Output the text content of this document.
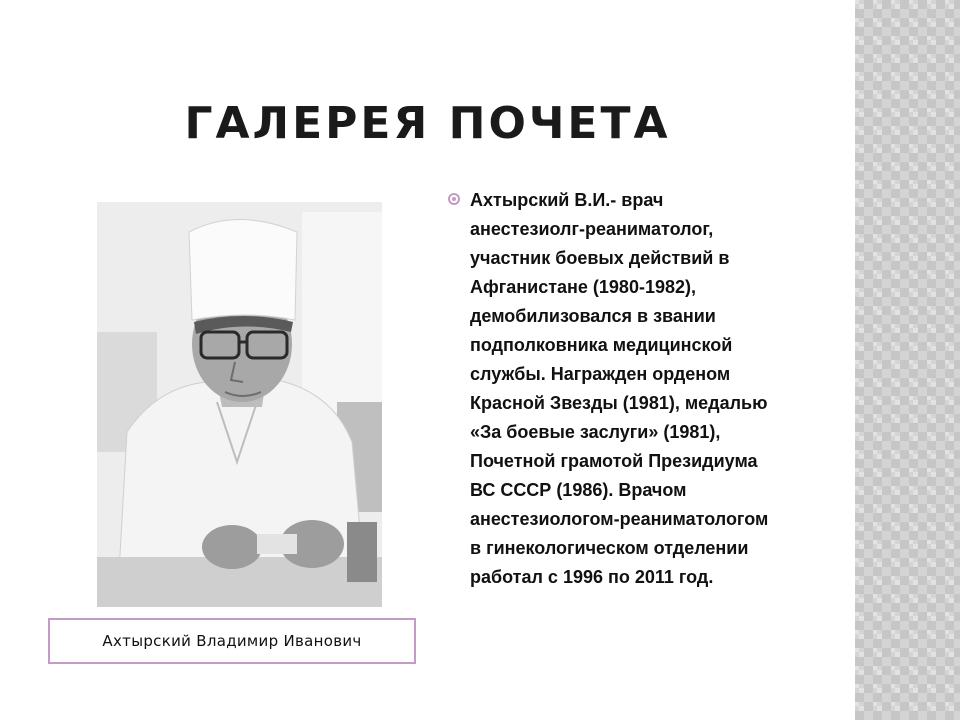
ГАЛЕРЕЯ ПОЧЕТА
Ахтырский Владимир Иванович
Ахтырский В.И.- врач
анестезиолг-реаниматолог,
участник боевых действий в
Афганистане (1980-1982),
демобилизовался в звании
подполковника медицинской
службы. Награжден орденом
Красной Звезды (1981), медалью
«За боевые заслуги» (1981),
Почетной грамотой Президиума
ВС СССР (1986). Врачом
анестезиологом-реаниматологом
в гинекологическом отделении
работал с 1996 по 2011 год.
